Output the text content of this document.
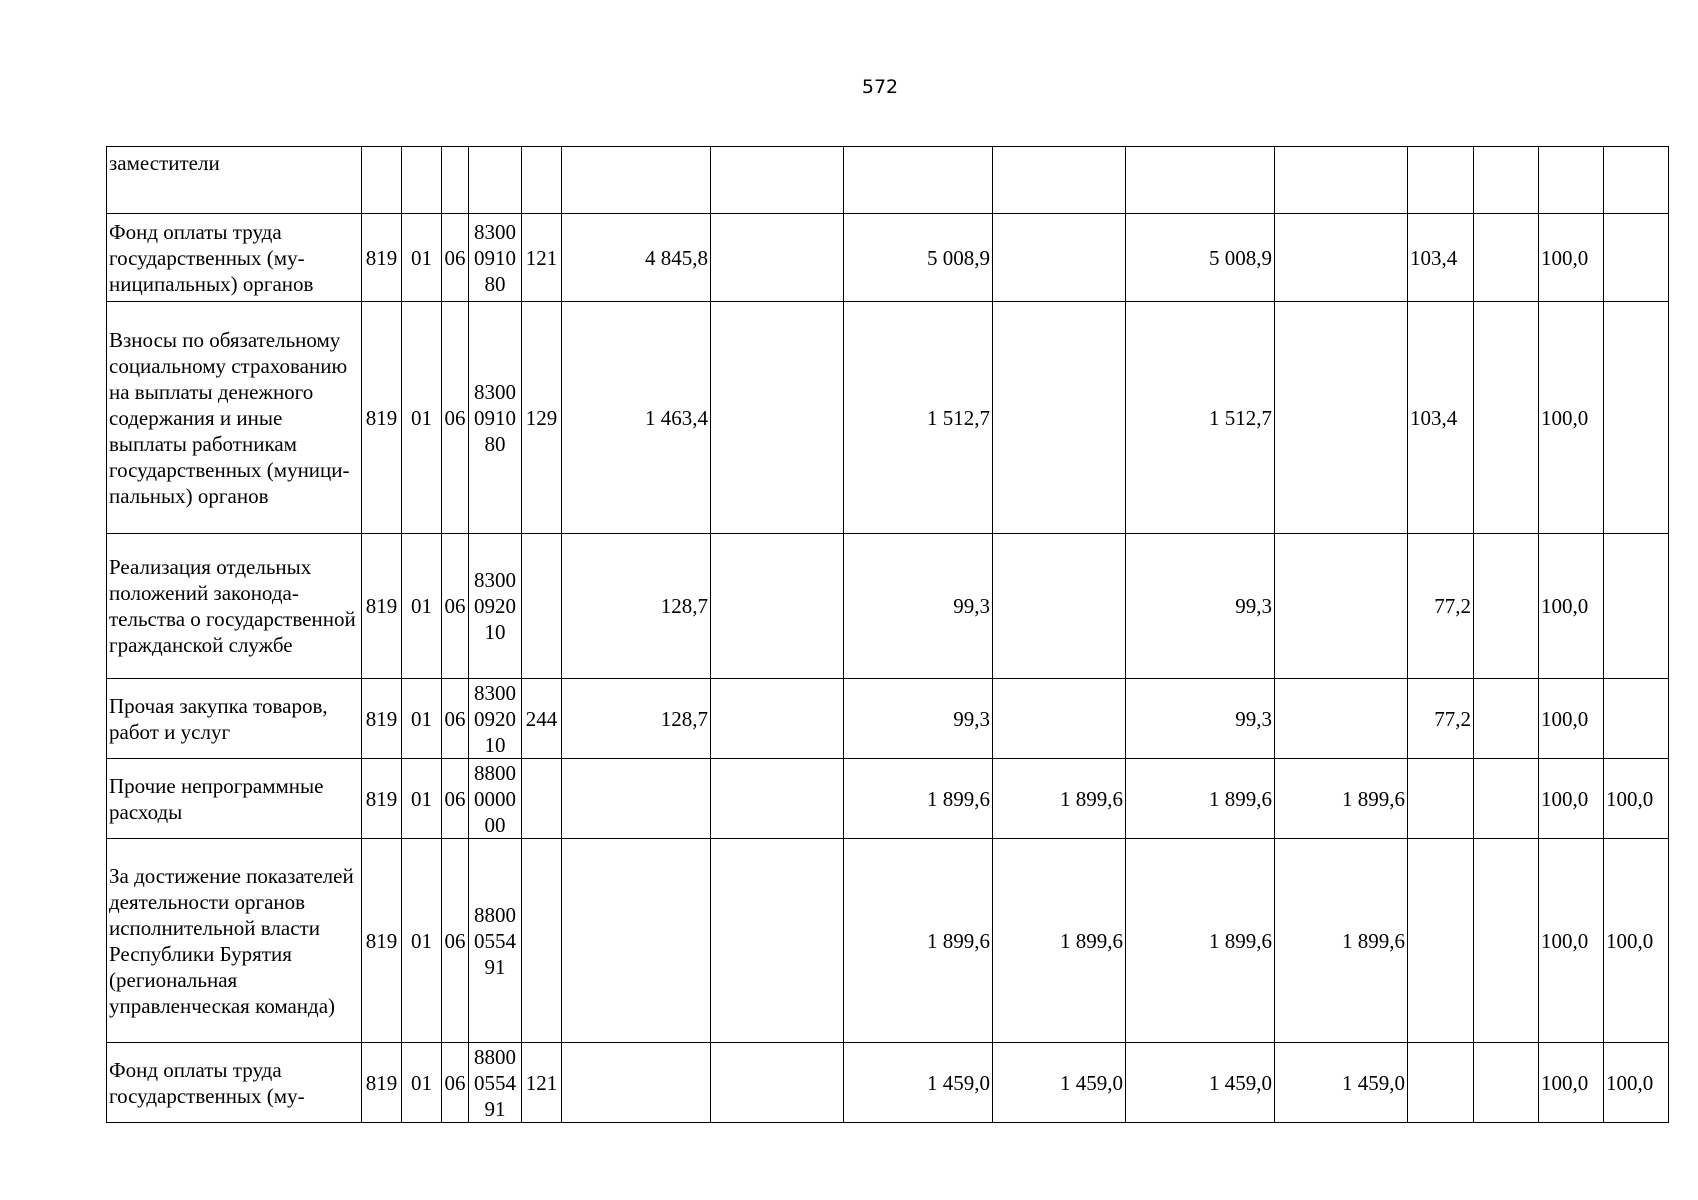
572
заместители															
Фонд оплаты труда государственных (муниципальных) органов	819	01	06	8300 0910 80	121	4 845,8		5 008,9		5 008,9		103,4		100,0	
Взносы по обязательному социальному страхованию на выплаты денежного содержания и иные выплаты работникам государственных (муниципальных) органов	819	01	06	8300 0910 80	129	1 463,4		1 512,7		1 512,7		103,4		100,0	
Реализация отдельных положений законодательства о государственной гражданской службе	819	01	06	8300 0920 10		128,7		99,3		99,3		77,2		100,0	
Прочая закупка товаров, работ и услуг	819	01	06	8300 0920 10	244	128,7		99,3		99,3		77,2		100,0	
Прочие непрограммные расходы	819	01	06	8800 0000 00				1 899,6	1 899,6	1 899,6	1 899,6			100,0	100,0
За достижение показателей деятельности органов исполнительной власти Республики Бурятия (региональная управленческая команда)	819	01	06	8800 0554 91				1 899,6	1 899,6	1 899,6	1 899,6			100,0	100,0
Фонд оплаты труда государственных (му-	819	01	06	8800 0554 91	121			1 459,0	1 459,0	1 459,0	1 459,0			100,0	100,0
